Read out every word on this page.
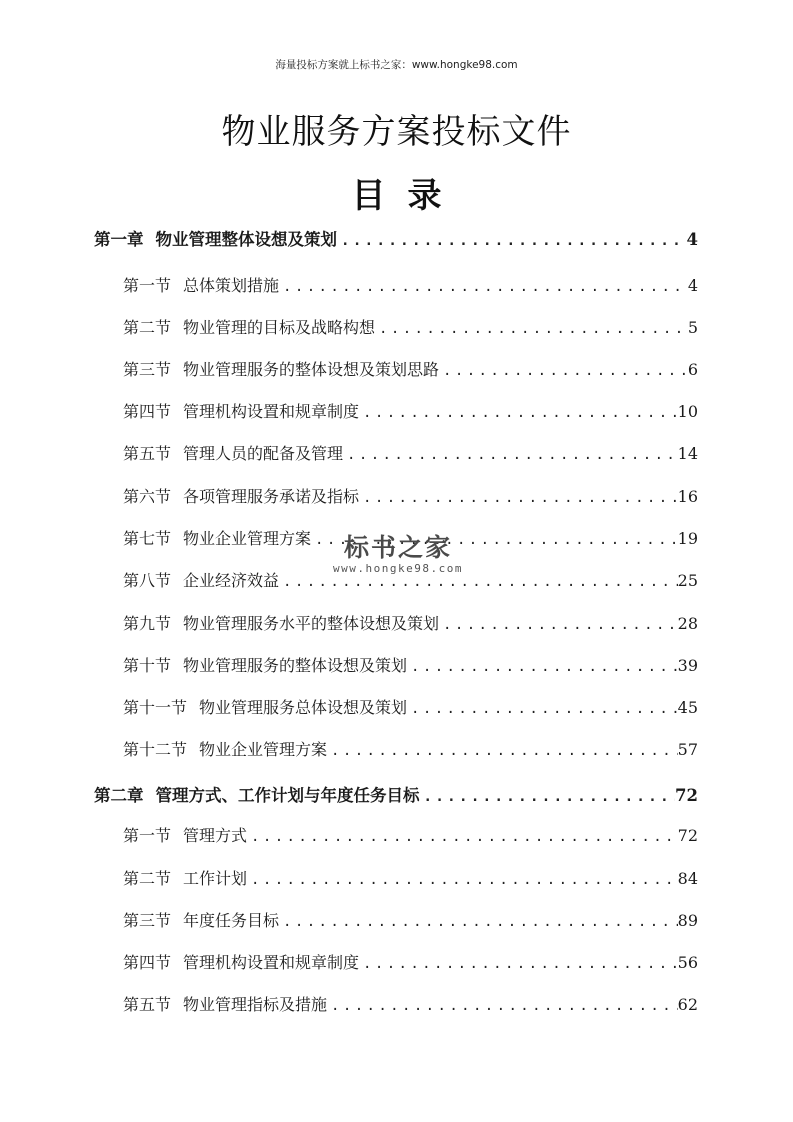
海量投标方案就上标书之家：www.hongke98.com
物业服务方案投标文件
目录
第一章 物业管理整体设想及策划 .....	4
第一节 总体策划措施 .....	4
第二节 物业管理的目标及战略构想 .....	5
第三节 物业管理服务的整体设想及策划思路 .....	6
第四节 管理机构设置和规章制度 .....	10
第五节 管理人员的配备及管理 .....	14
第六节 各项管理服务承诺及指标 .....	16
第七节 物业企业管理方案 .....	19
第八节 企业经济效益 .....	25
第九节 物业管理服务水平的整体设想及策划 .....	28
第十节 物业管理服务的整体设想及策划 .....	39
第十一节 物业管理服务总体设想及策划 .....	45
第十二节 物业企业管理方案 .....	57
第二章 管理方式、工作计划与年度任务目标 .....	72
第一节 管理方式 .....	72
第二节 工作计划 .....	84
第三节 年度任务目标 .....	89
第四节 管理机构设置和规章制度 .....	56
第五节 物业管理指标及措施 .....	62
标书之家
www.hongke98.com
